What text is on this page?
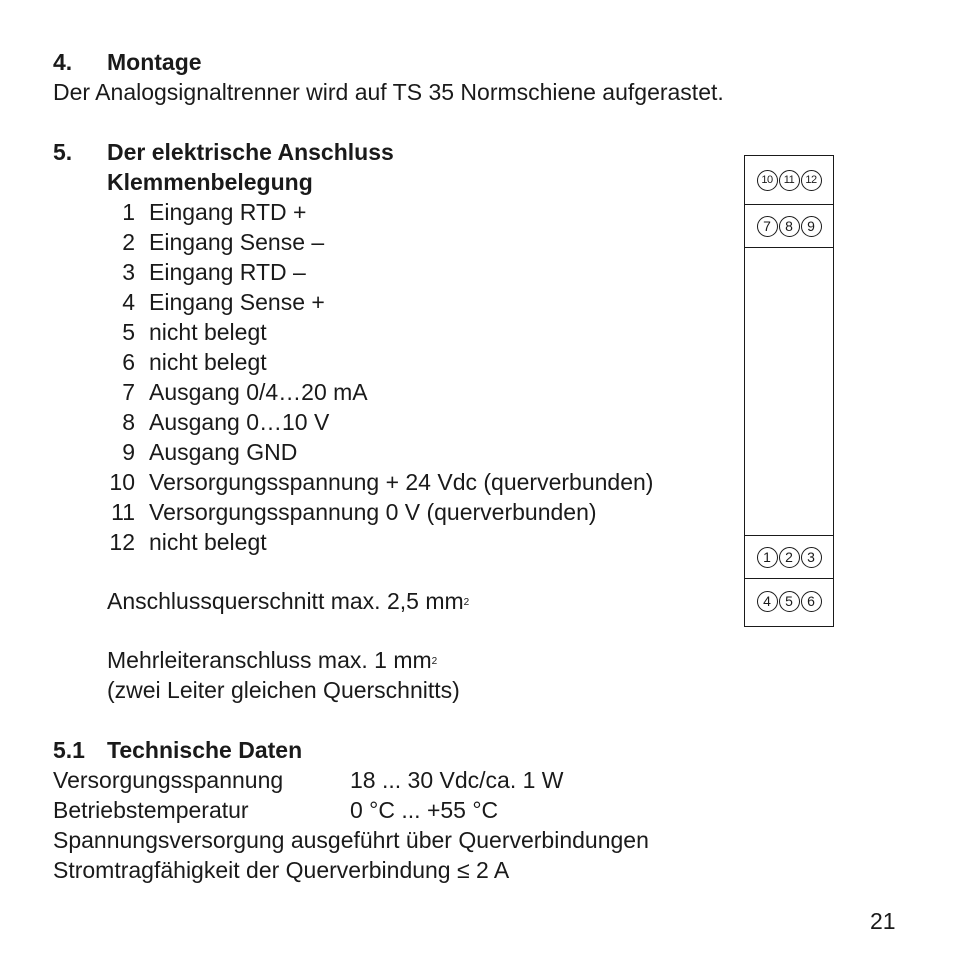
4. Montage
Der Analogsignaltrenner wird auf TS 35 Normschiene aufgerastet.
5. Der elektrische Anschluss
Klemmenbelegung
1 Eingang RTD +
2 Eingang Sense –
3 Eingang RTD –
4 Eingang Sense +
5 nicht belegt
6 nicht belegt
7 Ausgang 0/4…20 mA
8 Ausgang 0…10 V
9 Ausgang GND
10 Versorgungsspannung + 24 Vdc (querverbunden)
11 Versorgungsspannung 0 V (querverbunden)
12 nicht belegt
Anschlussquerschnitt max. 2,5 $mm^2$
Mehrleiteranschluss max. 1 $mm^2$
(zwei Leiter gleichen Querschnitts)
10	11	12
7	8	9
1	2	3
4	5	6
5.1 Technische Daten
Versorgungsspannung	18 ... 30 Vdc/ca. 1 W
Betriebstemperatur	0 °C ... +55 °C
Spannungsversorgung ausgeführt über Querverbindungen
Stromtragfähigkeit der Querverbindung ≤ 2 A
21
